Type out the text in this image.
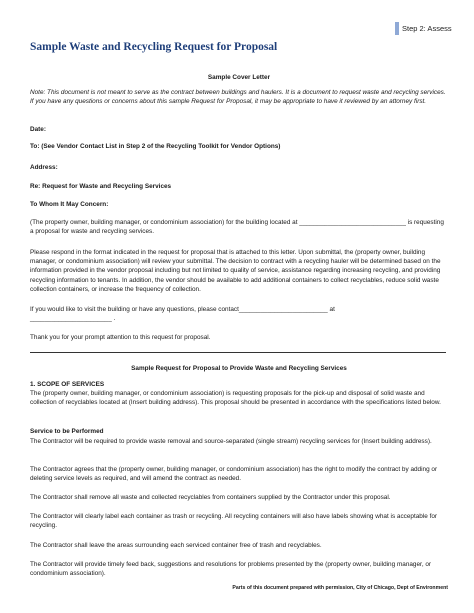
Step 2: Assess
Sample Waste and Recycling Request for Proposal

Sample Cover Letter

Note: This document is not meant to serve as the contract between buildings and haulers. It is a document to request waste and recycling services. If you have any questions or concerns about this sample Request for Proposal, it may be appropriate to have it reviewed by an attorney first.

Date:

To: (See Vendor Contact List in Step 2 of the Recycling Toolkit for Vendor Options)

Address:

Re: Request for Waste and Recycling Services

To Whom It May Concern:

(The property owner, building manager, or condominium association) for the building located at ______________________________ is requesting a proposal for waste and recycling services.

Please respond in the format indicated in the request for proposal that is attached to this letter. Upon submittal, the (property owner, building manager, or condominium association) will review your submittal. The decision to contract with a recycling hauler will be determined based on the information provided in the vendor proposal including but not limited to quality of service, assistance regarding increasing recycling, and providing recycling information to tenants. In addition, the vendor should be available to add additional containers to collect recyclables, reduce solid waste collection containers, or increase the frequency of collection.

If you would like to visit the building or have any questions, please contact_________________________ at

_______________________ .

Thank you for your prompt attention to this request for proposal.

Sample Request for Proposal to Provide Waste and Recycling Services

1. SCOPE OF SERVICES

The (property owner, building manager, or condominium association) is requesting proposals for the pick-up and disposal of solid waste and collection of recyclables located at (Insert building address). This proposal should be presented in accordance with the specifications listed below.

Service to be Performed

The Contractor will be required to provide waste removal and source-separated (single stream) recycling services for (Insert building address).

The Contractor agrees that the (property owner, building manager, or condominium association) has the right to modify the contract by adding or deleting service levels as required, and will amend the contract as needed.

The Contractor shall remove all waste and collected recyclables from containers supplied by the Contractor under this proposal.

The Contractor will clearly label each container as trash or recycling. All recycling containers will also have labels showing what is acceptable for recycling.

The Contractor shall leave the areas surrounding each serviced container free of trash and recyclables.

The Contractor will provide timely feed back, suggestions and resolutions for problems presented by the (property owner, building manager, or condominium association).

Parts of this document prepared with permission, City of Chicago, Dept of Environment
